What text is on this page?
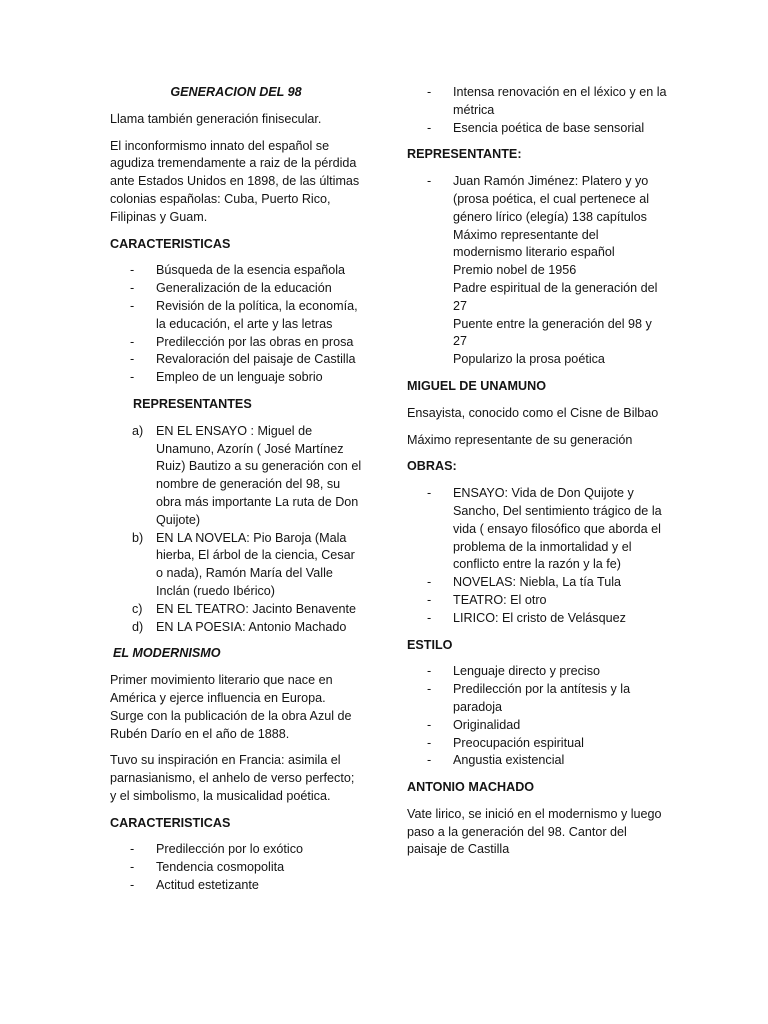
GENERACION DEL 98

Llama también generación finisecular.

El inconformismo innato del español se agudiza tremendamente a raiz de la pérdida ante Estados Unidos en 1898, de las últimas colonias españolas: Cuba, Puerto Rico, Filipinas y Guam.

CARACTERISTICAS

- Búsqueda de la esencia española
- Generalización de la educación
- Revisión de la política, la economía, la educación, el arte y las letras
- Predilección por las obras en prosa
- Revaloración del paisaje de Castilla
- Empleo de un lenguaje sobrio

REPRESENTANTES

a) EN EL ENSAYO : Miguel de Unamuno, Azorín ( José Martínez Ruiz) Bautizo a su generación con el nombre de generación del 98, su obra más importante La ruta de Don Quijote)
b) EN LA NOVELA: Pio Baroja (Mala hierba, El árbol de la ciencia, Cesar o nada), Ramón María del Valle Inclán (ruedo Ibérico)
c) EN EL TEATRO: Jacinto Benavente
d) EN LA POESIA: Antonio Machado

EL MODERNISMO

Primer movimiento literario que nace en América y ejerce influencia en Europa. Surge con la publicación de la obra Azul de Rubén Darío en el año de 1888.

Tuvo su inspiración en Francia: asimila el parnasianismo, el anhelo de verso perfecto; y el simbolismo, la musicalidad poética.

CARACTERISTICAS

- Predilección por lo exótico
- Tendencia cosmopolita
- Actitud estetizante
- Intensa renovación en el léxico y en la métrica
- Esencia poética de base sensorial

REPRESENTANTE:

- Juan Ramón Jiménez: Platero y yo (prosa poética, el cual pertenece al género lírico (elegía) 138 capítulos
Máximo representante del modernismo literario español
Premio nobel de 1956
Padre espiritual de la generación del 27
Puente entre la generación del 98 y 27
Popularizo la prosa poética

MIGUEL DE UNAMUNO

Ensayista, conocido como el Cisne de Bilbao

Máximo representante de su generación

OBRAS:

- ENSAYO: Vida de Don Quijote y Sancho, Del sentimiento trágico de la vida ( ensayo filosófico que aborda el problema de la inmortalidad y el conflicto entre la razón y la fe)
- NOVELAS: Niebla, La tía Tula
- TEATRO: El otro
- LIRICO: El cristo de Velásquez

ESTILO

- Lenguaje directo y preciso
- Predilección por la antítesis y la paradoja
- Originalidad
- Preocupación espiritual
- Angustia existencial

ANTONIO MACHADO

Vate lirico, se inició en el modernismo y luego paso a la generación del 98. Cantor del paisaje de Castilla
